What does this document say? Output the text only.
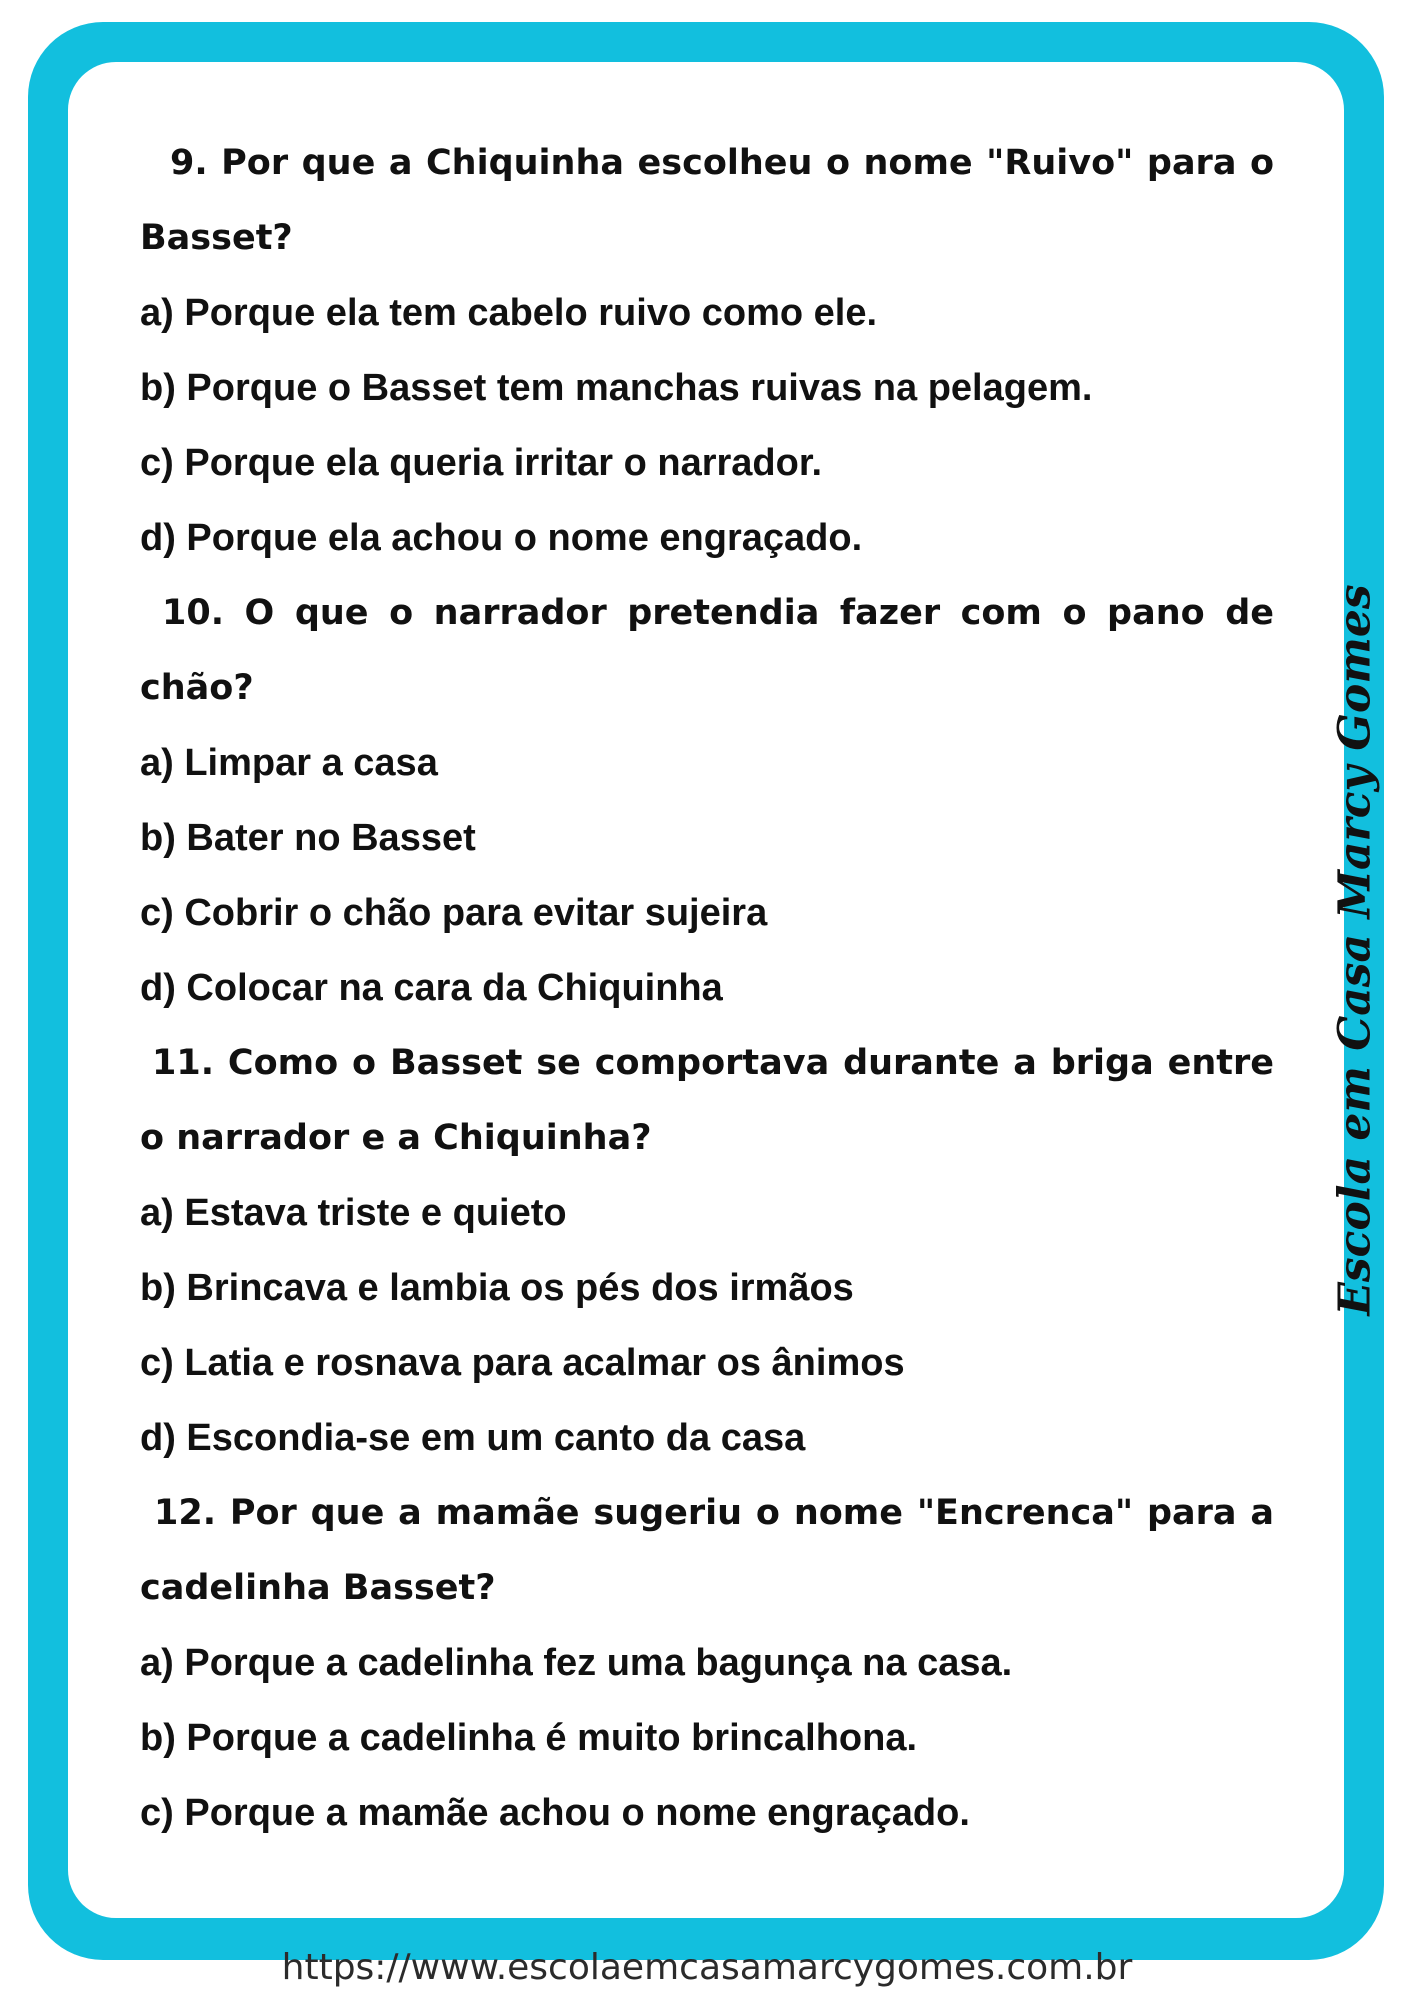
9. Por que a Chiquinha escolheu o nome "Ruivo" para o Basset?

a) Porque ela tem cabelo ruivo como ele.

b) Porque o Basset tem manchas ruivas na pelagem.

c) Porque ela queria irritar o narrador.

d) Porque ela achou o nome engraçado.

10. O que o narrador pretendia fazer com o pano de chão?

a) Limpar a casa

b) Bater no Basset

c) Cobrir o chão para evitar sujeira

d) Colocar na cara da Chiquinha

11. Como o Basset se comportava durante a briga entre o narrador e a Chiquinha?

a) Estava triste e quieto

b) Brincava e lambia os pés dos irmãos

c) Latia e rosnava para acalmar os ânimos

d) Escondia-se em um canto da casa

12. Por que a mamãe sugeriu o nome "Encrenca" para a cadelinha Basset?

a) Porque a cadelinha fez uma bagunça na casa.

b) Porque a cadelinha é muito brincalhona.

c) Porque a mamãe achou o nome engraçado.

Escola em Casa Marcy Gomes
https://www.escolaemcasamarcygomes.com.br
